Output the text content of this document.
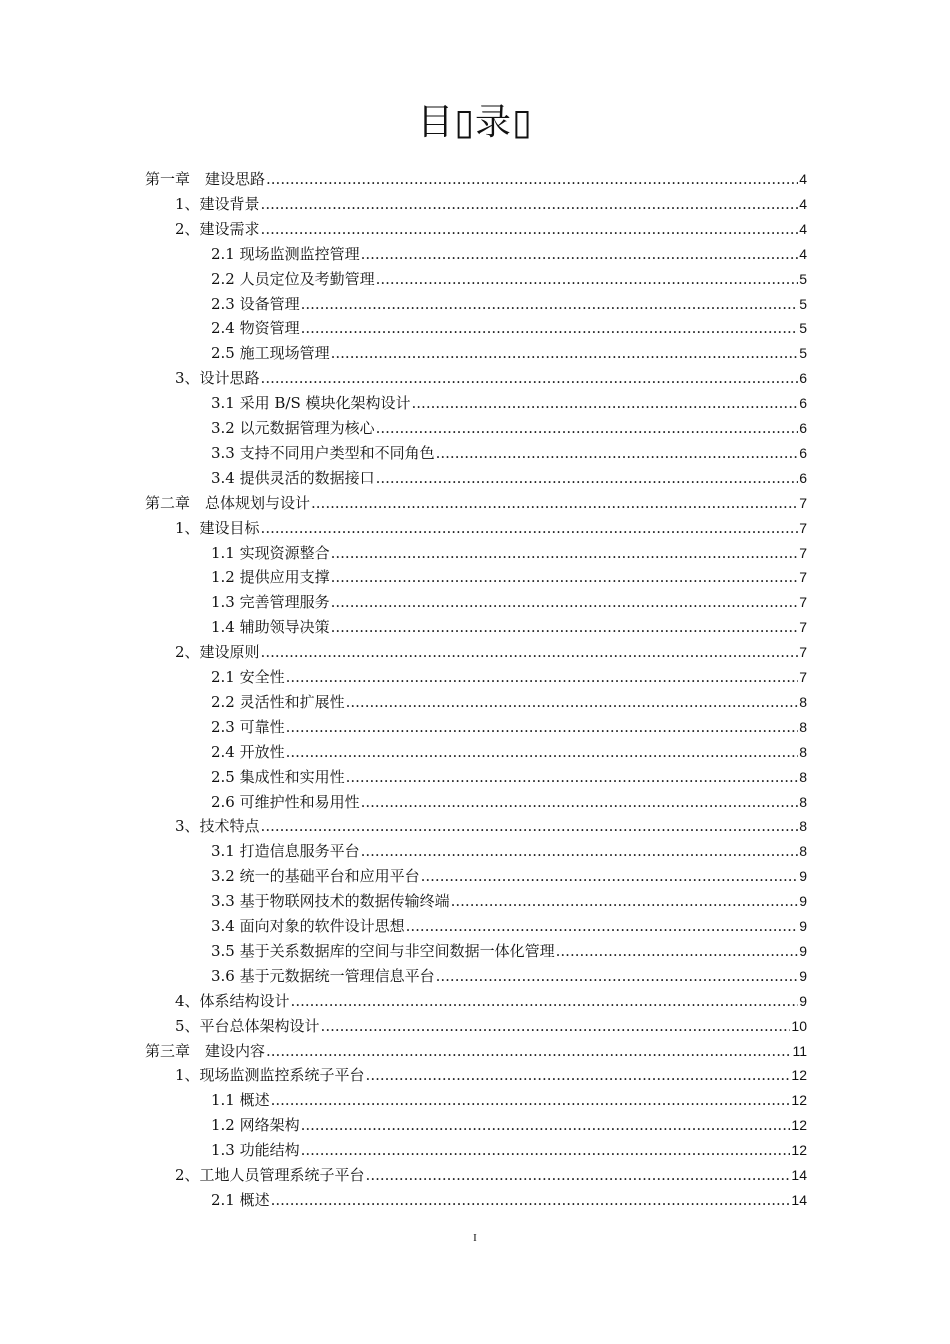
目▯录▯
第一章　建设思路 .....	4
1、建设背景 .....	4
2、建设需求 .....	4
2.1 现场监测监控管理 .....	4
2.2 人员定位及考勤管理 .....	5
2.3 设备管理 .....	5
2.4 物资管理 .....	5
2.5 施工现场管理 .....	5
3、设计思路 .....	6
3.1 采用 B/S 模块化架构设计 .....	6
3.2 以元数据管理为核心 .....	6
3.3 支持不同用户类型和不同角色 .....	6
3.4 提供灵活的数据接口 .....	6
第二章　总体规划与设计 .....	7
1、建设目标 .....	7
1.1 实现资源整合 .....	7
1.2 提供应用支撑 .....	7
1.3 完善管理服务 .....	7
1.4 辅助领导决策 .....	7
2、建设原则 .....	7
2.1 安全性 .....	7
2.2 灵活性和扩展性 .....	8
2.3 可靠性 .....	8
2.4 开放性 .....	8
2.5 集成性和实用性 .....	8
2.6 可维护性和易用性 .....	8
3、技术特点 .....	8
3.1 打造信息服务平台 .....	8
3.2 统一的基础平台和应用平台 .....	9
3.3 基于物联网技术的数据传输终端 .....	9
3.4 面向对象的软件设计思想 .....	9
3.5 基于关系数据库的空间与非空间数据一体化管理 .....	9
3.6 基于元数据统一管理信息平台 .....	9
4、体系结构设计 .....	9
5、平台总体架构设计 .....	10
第三章　建设内容 .....	11
1、现场监测监控系统子平台 .....	12
1.1 概述 .....	12
1.2 网络架构 .....	12
1.3 功能结构 .....	12
2、工地人员管理系统子平台 .....	14
2.1 概述 .....	14
I
